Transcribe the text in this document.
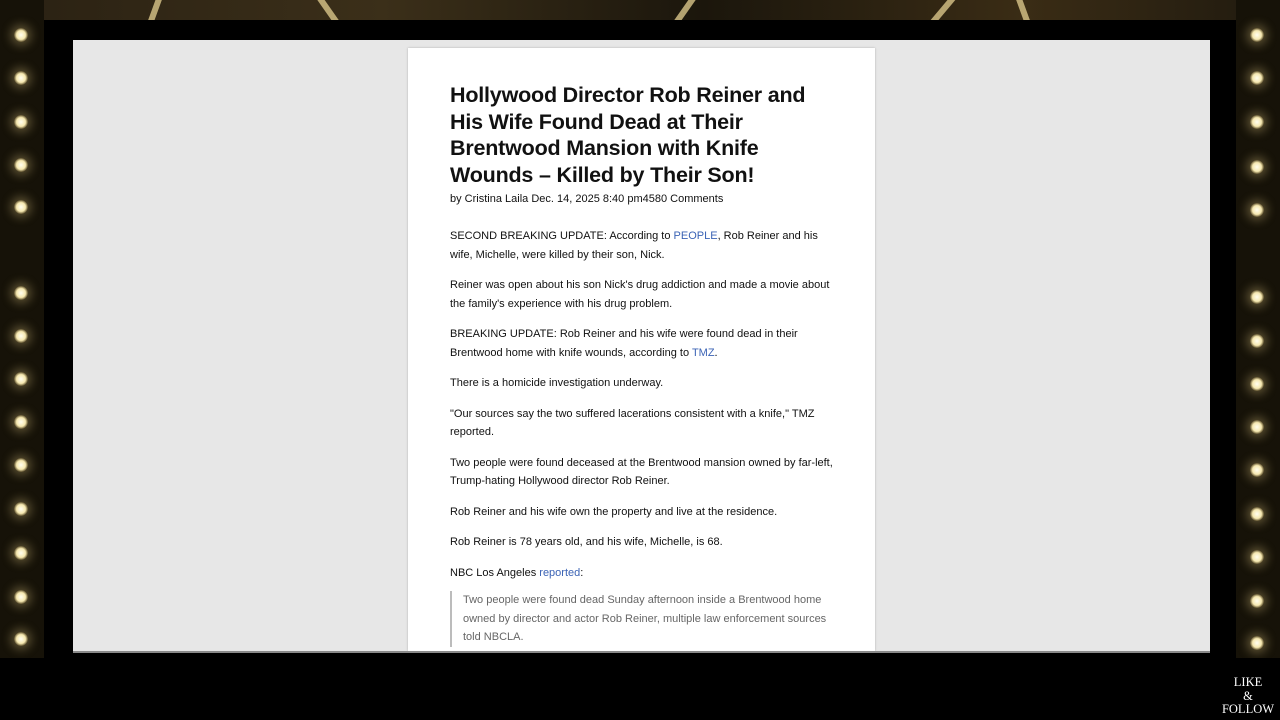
Hollywood Director Rob Reiner and His Wife Found Dead at Their Brentwood Mansion with Knife Wounds – Killed by Their Son!
by Cristina Laila Dec. 14, 2025 8:40 pm4580 Comments

SECOND BREAKING UPDATE: According to PEOPLE, Rob Reiner and his wife, Michelle, were killed by their son, Nick.

Reiner was open about his son Nick's drug addiction and made a movie about the family's experience with his drug problem.

BREAKING UPDATE: Rob Reiner and his wife were found dead in their Brentwood home with knife wounds, according to TMZ.

There is a homicide investigation underway.

"Our sources say the two suffered lacerations consistent with a knife," TMZ reported.

Two people were found deceased at the Brentwood mansion owned by far-left, Trump-hating Hollywood director Rob Reiner.

Rob Reiner and his wife own the property and live at the residence.

Rob Reiner is 78 years old, and his wife, Michelle, is 68.

NBC Los Angeles reported:

Two people were found dead Sunday afternoon inside a Brentwood home owned by director and actor Rob Reiner, multiple law enforcement sources told NBCLA.
LIKE
&
FOLLOW
